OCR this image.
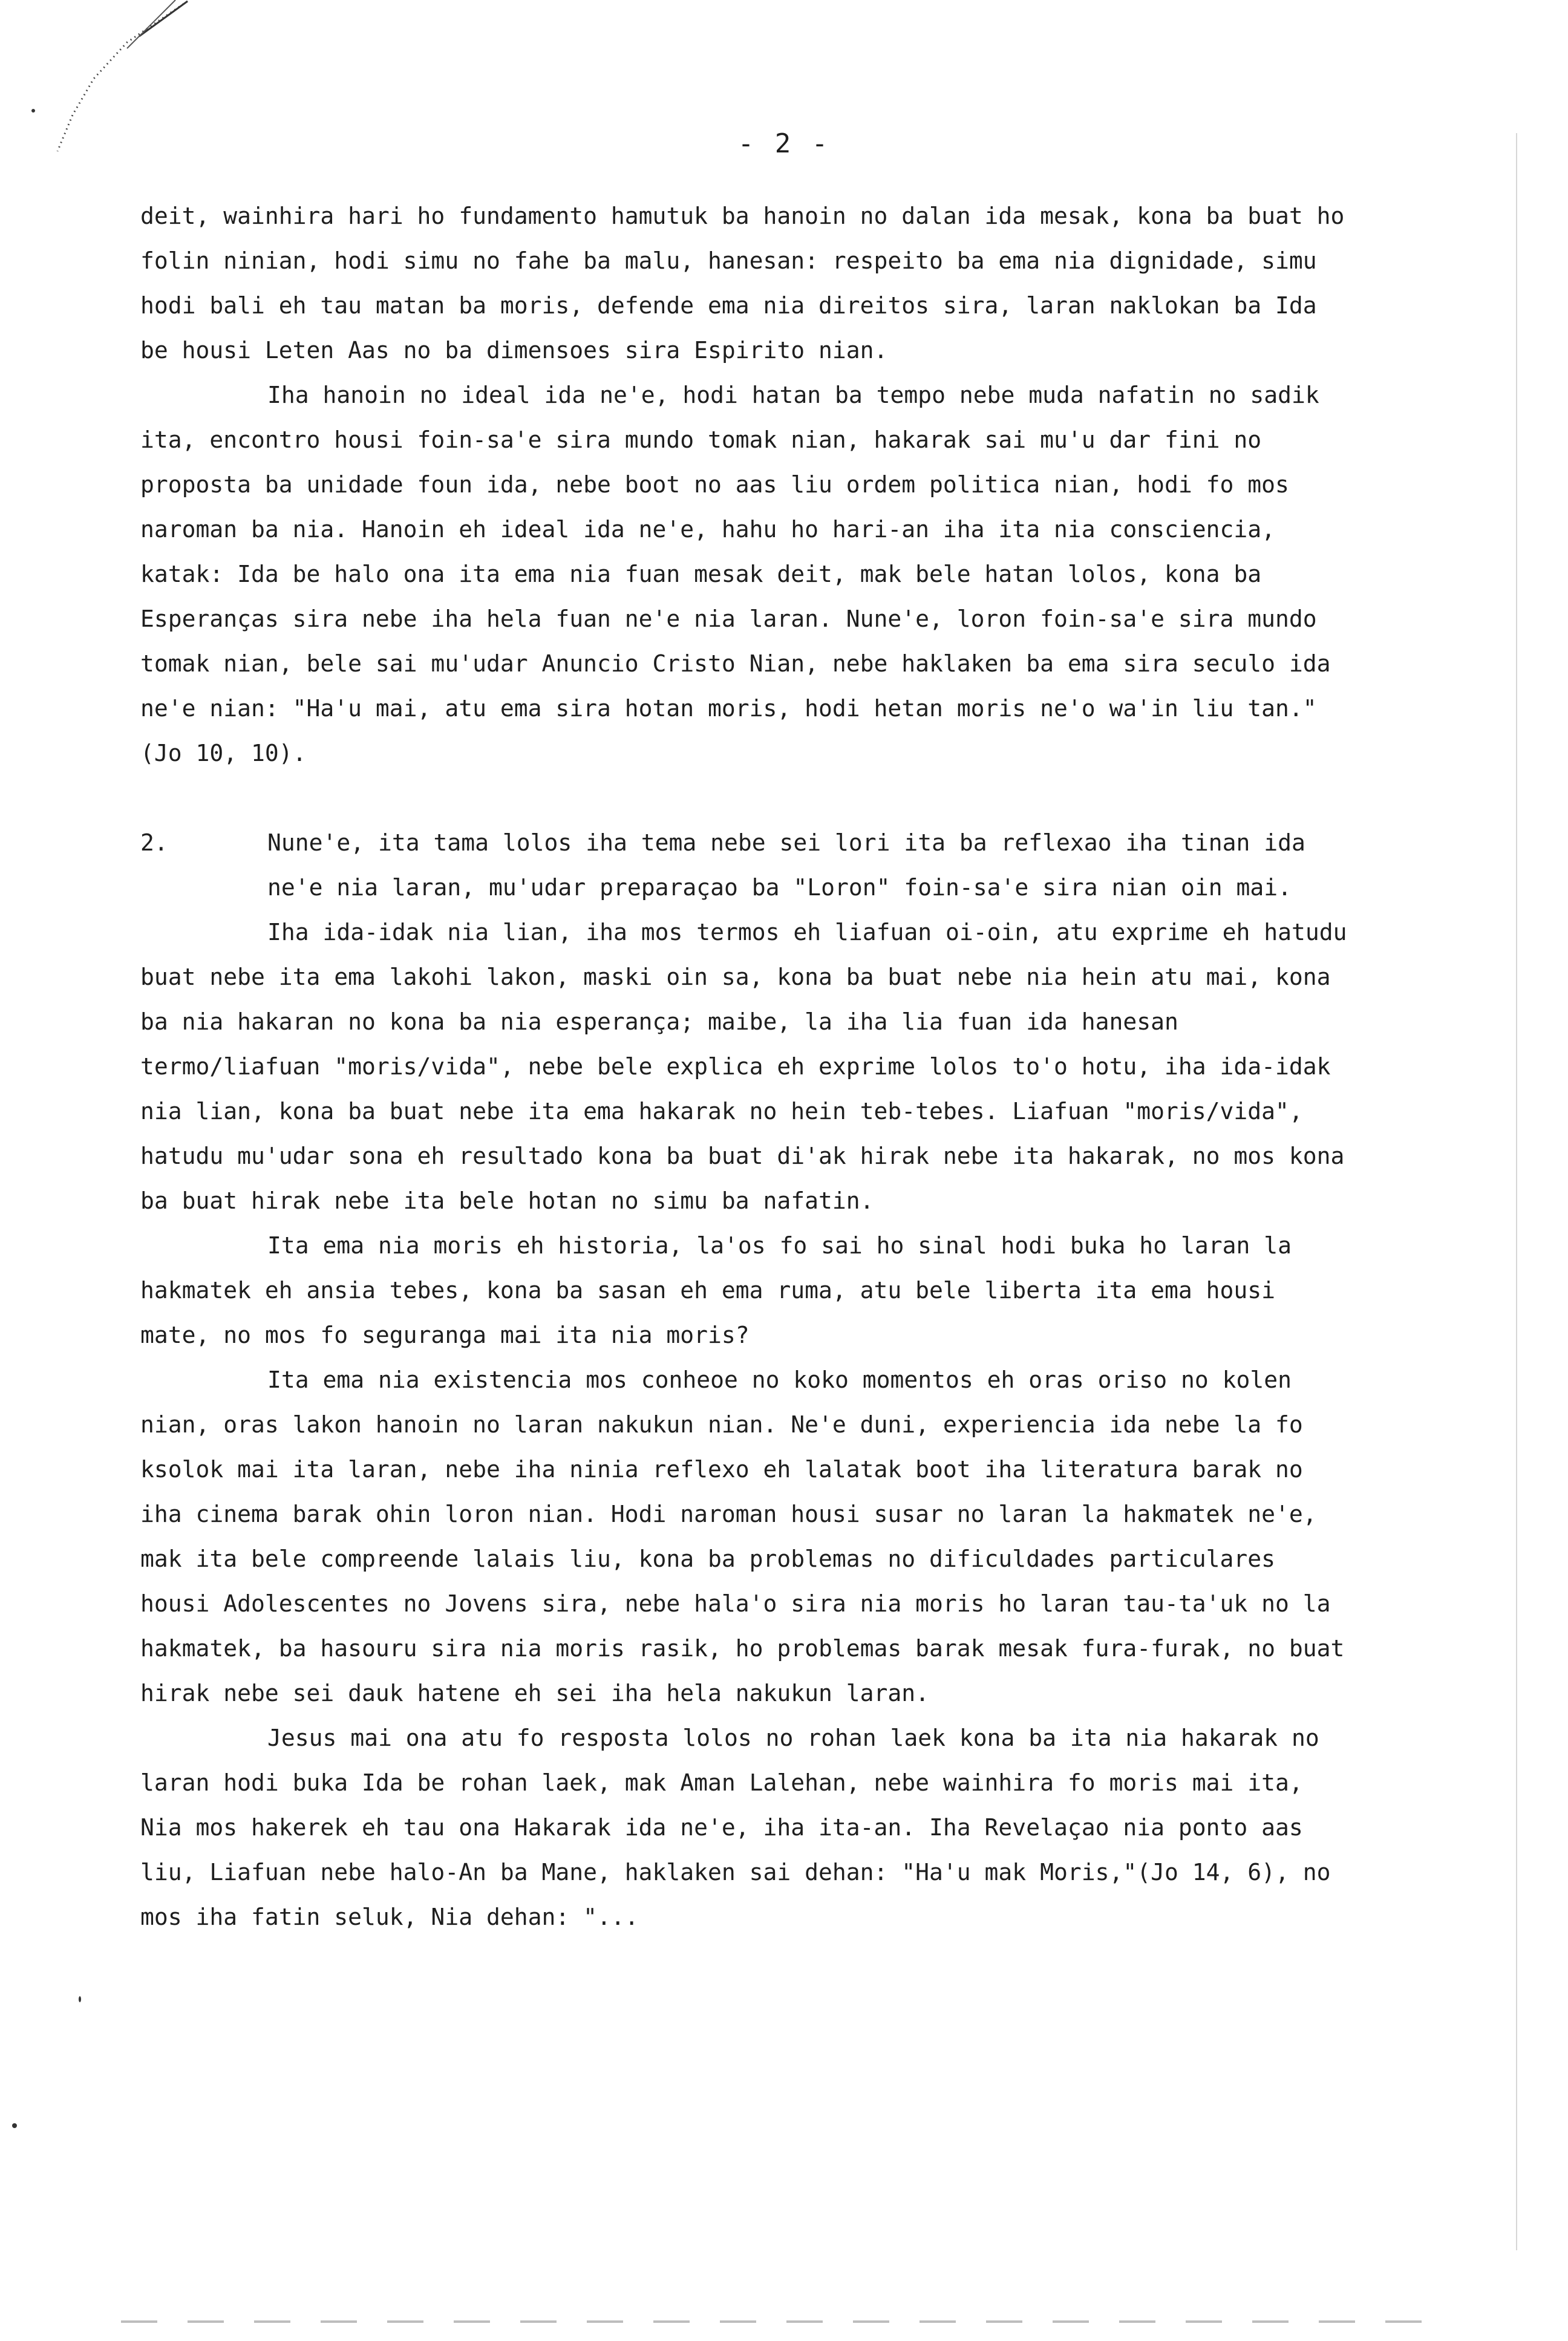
- 2 -

deit, wainhira hari ho fundamento hamutuk ba hanoin no dalan ida mesak, kona ba buat ho folin ninian, hodi simu no fahe ba malu, hanesan: respeito ba ema nia dignidade, simu hodi bali eh tau matan ba moris, defende ema nia direitos sira, laran naklokan ba Ida be housi Leten Aas no ba dimensoes sira Espirito nian.

Iha hanoin no ideal ida ne'e, hodi hatan ba tempo nebe muda nafatin no sadik ita, encontro housi foin-sa'e sira mundo tomak nian, hakarak sai mu'u dar fini no proposta ba unidade foun ida, nebe boot no aas liu ordem politica nian, hodi fo mos naroman ba nia. Hanoin eh ideal ida ne'e, hahu ho hari-an iha ita nia consciencia, katak: Ida be halo ona ita ema nia fuan mesak deit, mak bele hatan lolos, kona ba Esperanças sira nebe iha hela fuan ne'e nia laran. Nune'e, loron foin-sa'e sira mundo tomak nian, bele sai mu'udar Anuncio Cristo Nian, nebe haklaken ba ema sira seculo ida ne'e nian: "Ha'u mai, atu ema sira hotan moris, hodi hetan moris ne'o wa'in liu tan."(Jo 10, 10).

2.	Nune'e, ita tama lolos iha tema nebe sei lori ita ba reflexao iha tinan ida ne'e nia laran, mu'udar preparaçao ba "Loron" foin-sa'e sira nian oin mai.

Iha ida-idak nia lian, iha mos termos eh liafuan oi-oin, atu exprime eh hatudu buat nebe ita ema lakohi lakon, maski oin sa, kona ba buat nebe nia hein atu mai, kona ba nia hakaran no kona ba nia esperança; maibe, la iha lia fuan ida hanesan termo/liafuan "moris/vida", nebe bele explica eh exprime lolos to'o hotu, iha ida-idak nia lian, kona ba buat nebe ita ema hakarak no hein teb-tebes. Liafuan "moris/vida", hatudu mu'udar sona eh resultado kona ba buat di'ak hirak nebe ita hakarak, no mos kona ba buat hirak nebe ita bele hotan no simu ba nafatin.

Ita ema nia moris eh historia, la'os fo sai ho sinal hodi buka ho laran la hakmatek eh ansia tebes, kona ba sasan eh ema ruma, atu bele liberta ita ema housi mate, no mos fo seguranga mai ita nia moris?

Ita ema nia existencia mos conheoe no koko momentos eh oras oriso no kolen nian, oras lakon hanoin no laran nakukun nian. Ne'e duni, experiencia ida nebe la fo ksolok mai ita laran, nebe iha ninia reflexo eh lalatak boot iha literatura barak no iha cinema barak ohin loron nian. Hodi naroman housi susar no laran la hakmatek ne'e, mak ita bele compreende lalais liu, kona ba problemas no dificuldades particulares housi Adolescentes no Jovens sira, nebe hala'o sira nia moris ho laran tau-ta'uk no la hakmatek, ba hasouru sira nia moris rasik, ho problemas barak mesak fura-furak, no buat hirak nebe sei dauk hatene eh sei iha hela nakukun laran.

Jesus mai ona atu fo resposta lolos no rohan laek kona ba ita nia hakarak no laran hodi buka Ida be rohan laek, mak Aman Lalehan, nebe wainhira fo moris mai ita, Nia mos hakerek eh tau ona Hakarak ida ne'e, iha ita-an. Iha Revelaçao nia ponto aas liu, Liafuan nebe halo-An ba Mane, haklaken sai dehan: "Ha'u mak Moris,"(Jo 14, 6), no mos iha fatin seluk, Nia dehan: "...
